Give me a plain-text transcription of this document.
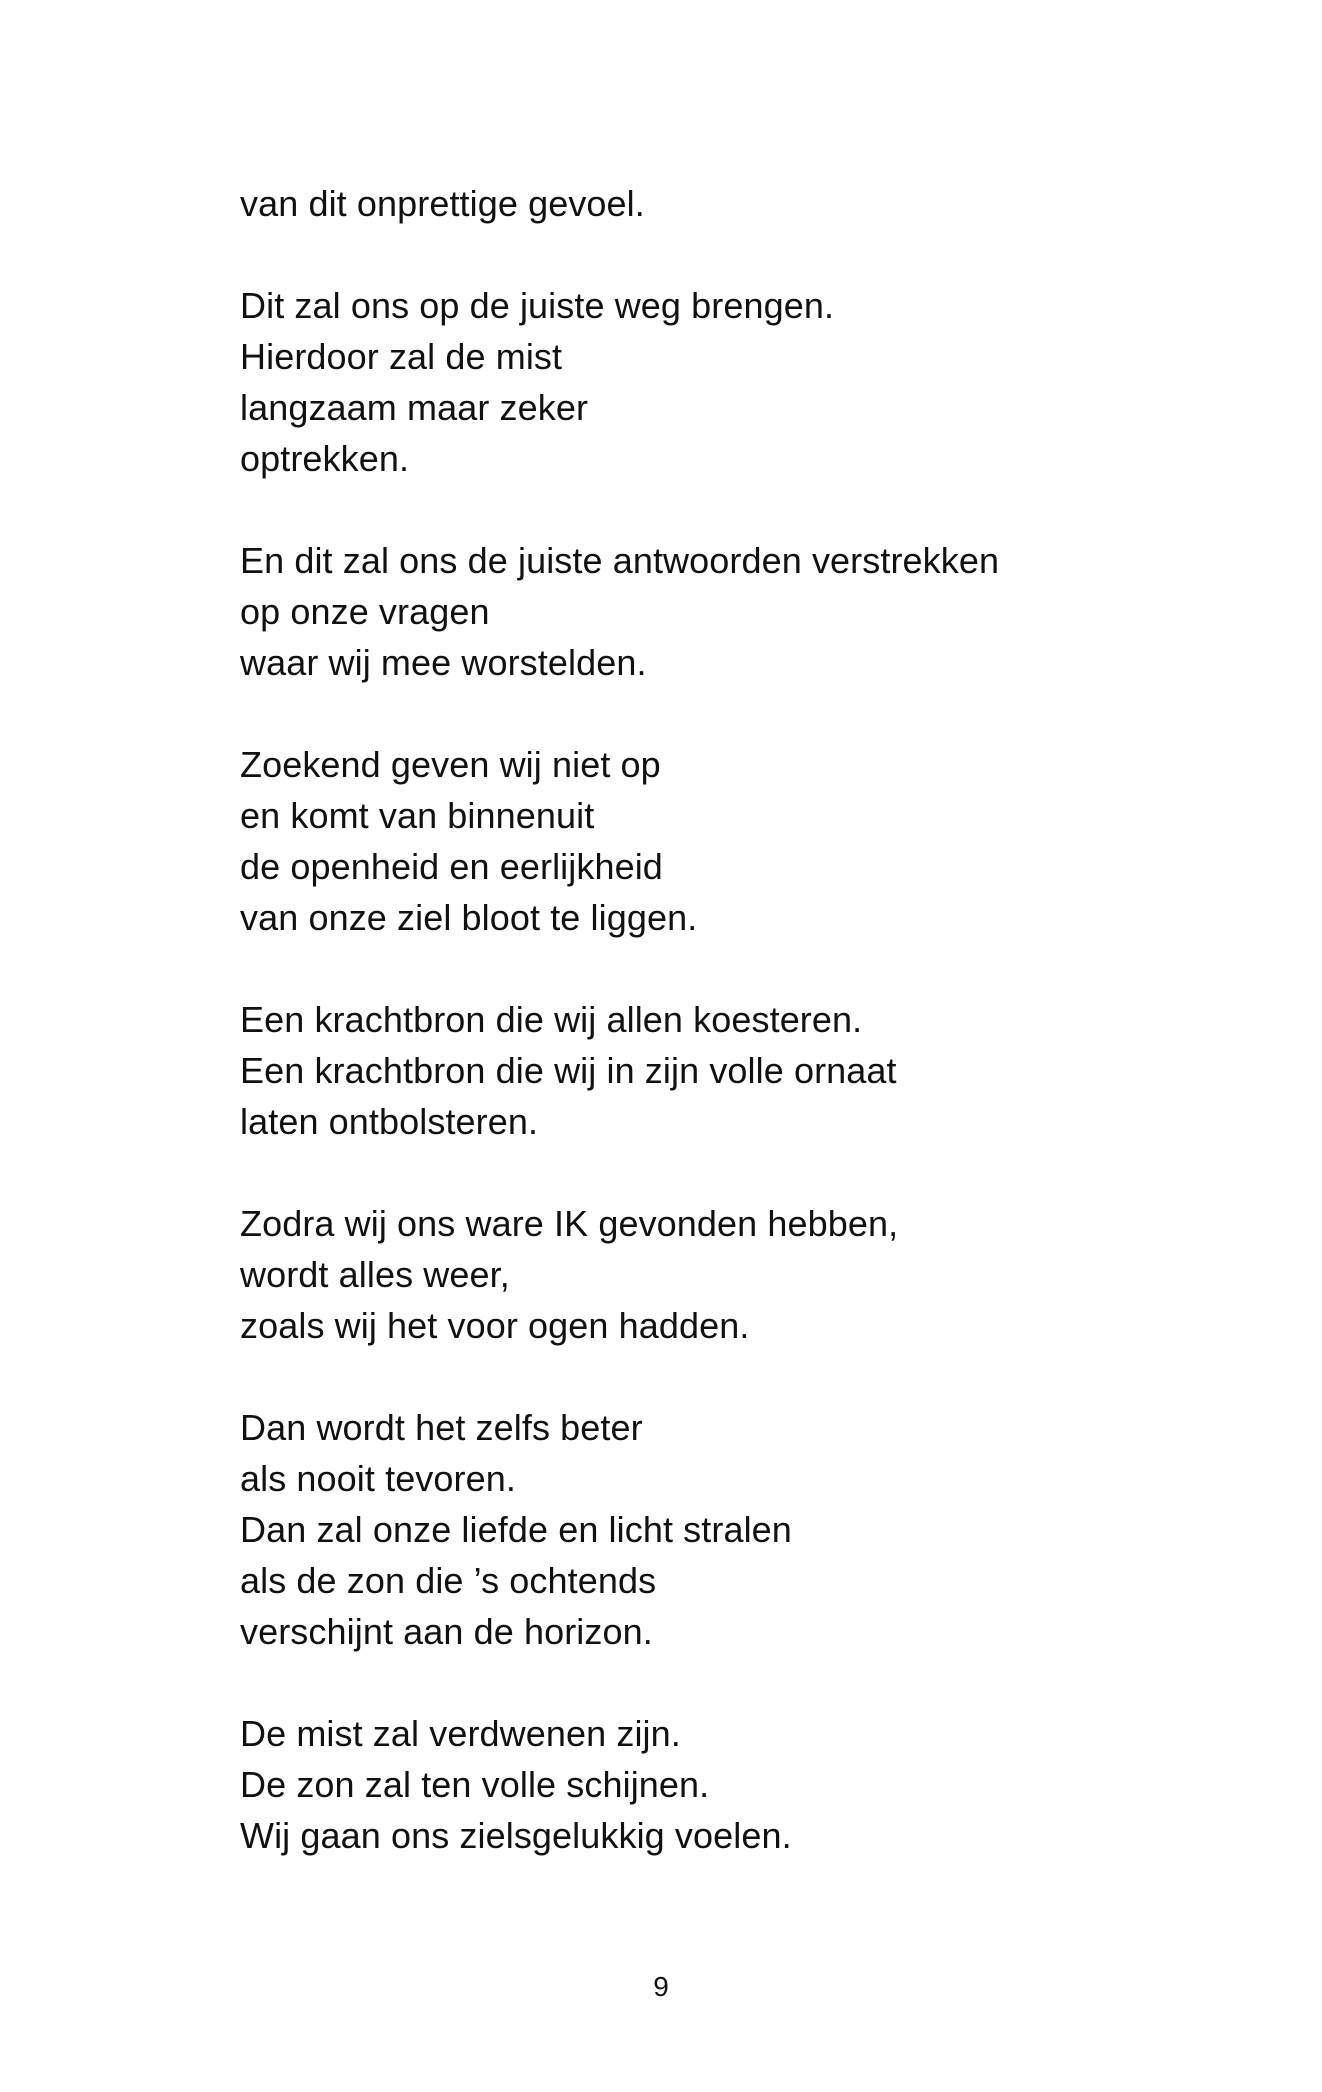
van dit onprettige gevoel.
Dit zal ons op de juiste weg brengen.
Hierdoor zal de mist
langzaam maar zeker
optrekken.
En dit zal ons de juiste antwoorden verstrekken
op onze vragen
waar wij mee worstelden.
Zoekend geven wij niet op
en komt van binnenuit
de openheid en eerlijkheid
van onze ziel bloot te liggen.
Een krachtbron die wij allen koesteren.
Een krachtbron die wij in zijn volle ornaat
laten ontbolsteren.
Zodra wij ons ware IK gevonden hebben,
wordt alles weer,
zoals wij het voor ogen hadden.
Dan wordt het zelfs beter
als nooit tevoren.
Dan zal onze liefde en licht stralen
als de zon die ’s ochtends
verschijnt aan de horizon.
De mist zal verdwenen zijn.
De zon zal ten volle schijnen.
Wij gaan ons zielsgelukkig voelen.
9
